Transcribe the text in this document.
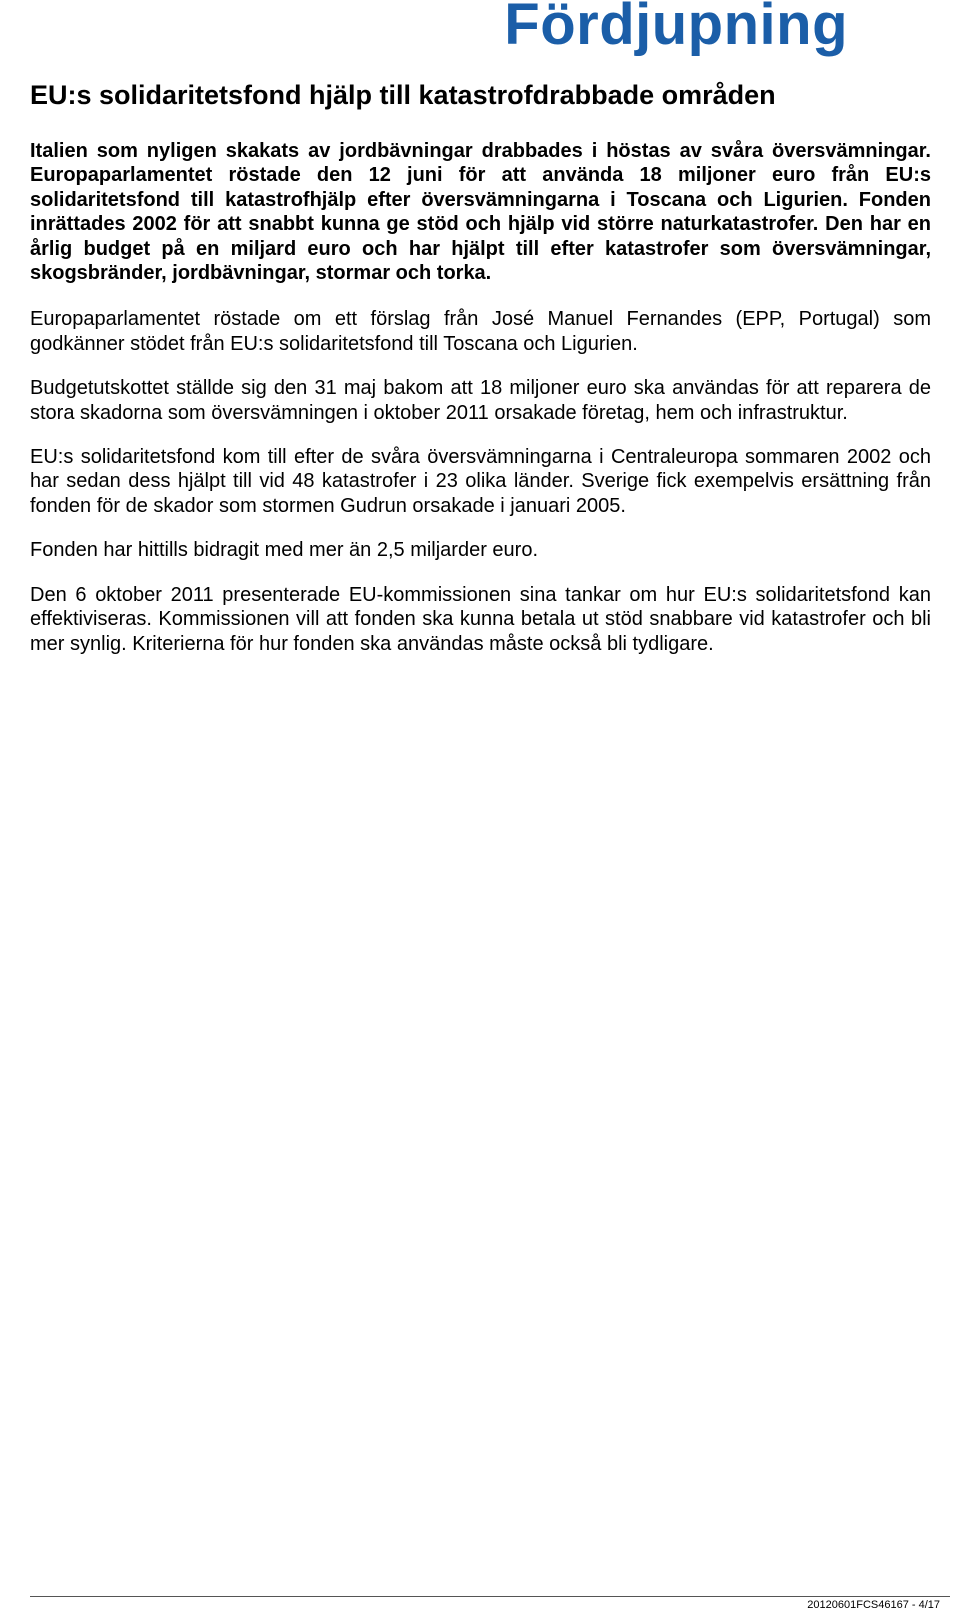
Fördjupning
EU:s solidaritetsfond hjälp till katastrofdrabbade områden

Italien som nyligen skakats av jordbävningar drabbades i höstas av svåra översvämningar. Europaparlamentet röstade den 12 juni för att använda 18 miljoner euro från EU:s solidaritetsfond till katastrofhjälp efter översvämningarna i Toscana och Ligurien. Fonden inrättades 2002 för att snabbt kunna ge stöd och hjälp vid större naturkatastrofer. Den har en årlig budget på en miljard euro och har hjälpt till efter katastrofer som översvämningar, skogsbränder, jordbävningar, stormar och torka.

Europaparlamentet röstade om ett förslag från José Manuel Fernandes (EPP, Portugal) som godkänner stödet från EU:s solidaritetsfond till Toscana och Ligurien.

Budgetutskottet ställde sig den 31 maj bakom att 18 miljoner euro ska användas för att reparera de stora skadorna som översvämningen i oktober 2011 orsakade företag, hem och infrastruktur.

EU:s solidaritetsfond kom till efter de svåra översvämningarna i Centraleuropa sommaren 2002 och har sedan dess hjälpt till vid 48 katastrofer i 23 olika länder. Sverige fick exempelvis ersättning från fonden för de skador som stormen Gudrun orsakade i januari 2005.

Fonden har hittills bidragit med mer än 2,5 miljarder euro.

Den 6 oktober 2011 presenterade EU-kommissionen sina tankar om hur EU:s solidaritetsfond kan effektiviseras. Kommissionen vill att fonden ska kunna betala ut stöd snabbare vid katastrofer och bli mer synlig. Kriterierna för hur fonden ska användas måste också bli tydligare.

20120601FCS46167 - 4/17
